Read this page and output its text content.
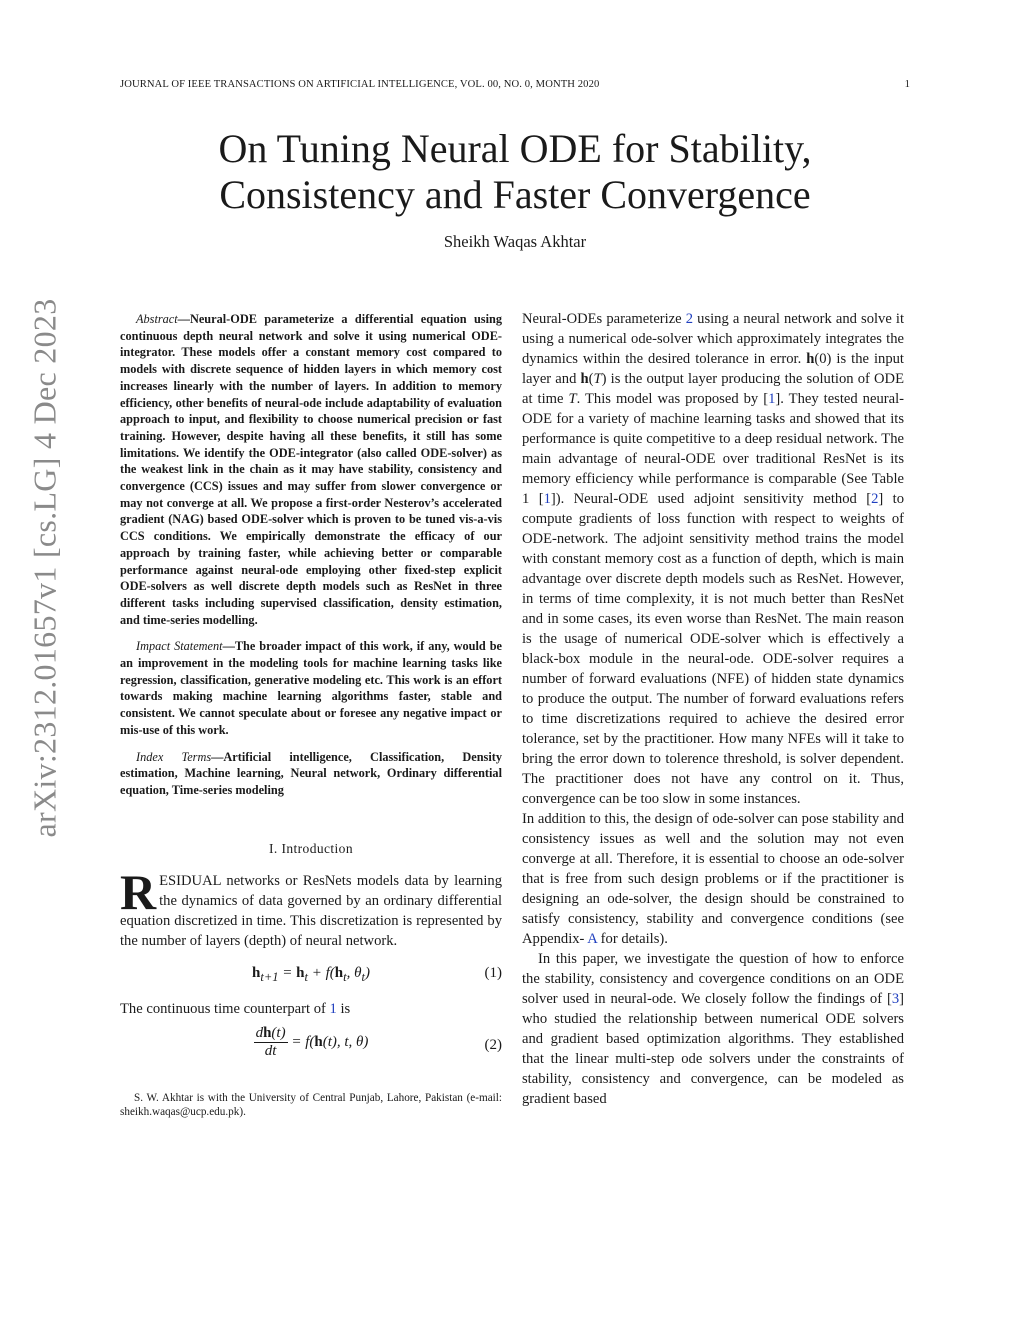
JOURNAL OF IEEE TRANSACTIONS ON ARTIFICIAL INTELLIGENCE, VOL. 00, NO. 0, MONTH 2020	1
arXiv:2312.01657v1 [cs.LG] 4 Dec 2023
On Tuning Neural ODE for Stability,
Consistency and Faster Convergence
Sheikh Waqas Akhtar

Abstract—Neural-ODE parameterize a differential equation using continuous depth neural network and solve it using numerical ODE-integrator. These models offer a constant memory cost compared to models with discrete sequence of hidden layers in which memory cost increases linearly with the number of layers. In addition to memory efficiency, other benefits of neural-ode include adaptability of evaluation approach to input, and flexibility to choose numerical precision or fast training. However, despite having all these benefits, it still has some limitations. We identify the ODE-integrator (also called ODE-solver) as the weakest link in the chain as it may have stability, consistency and convergence (CCS) issues and may suffer from slower convergence or may not converge at all. We propose a first-order Nesterov’s accelerated gradient (NAG) based ODE-solver which is proven to be tuned vis-a-vis CCS conditions. We empirically demonstrate the efficacy of our approach by training faster, while achieving better or comparable performance against neural-ode employing other fixed-step explicit ODE-solvers as well discrete depth models such as ResNet in three different tasks including supervised classification, density estimation, and time-series modelling.

Impact Statement—The broader impact of this work, if any, would be an improvement in the modeling tools for machine learning tasks like regression, classification, generative modeling etc. This work is an effort towards making machine learning algorithms faster, stable and consistent. We cannot speculate about or foresee any negative impact or mis-use of this work.

Index Terms—Artificial intelligence, Classification, Density estimation, Machine learning, Neural network, Ordinary differential equation, Time-series modeling

I. Introduction

RESIDUAL networks or ResNets models data by learning the dynamics of data governed by an ordinary differential equation discretized in time. This discretization is represented by the number of layers (depth) of neural network.

$h_{t+1} = h_t + f(h_t$, $\theta_t$)	(1)

The continuous time counterpart of 1 is

$\frac{dh(t)}{dt} = f(h(t)$, t, θ)	(2)

S. W. Akhtar is with the University of Central Punjab, Lahore, Pakistan (e-mail: sheikh.waqas@ucp.edu.pk).

Neural-ODEs parameterize 2 using a neural network and solve it using a numerical ode-solver which approximately integrates the dynamics within the desired tolerance in error. h(0) is the input layer and h(T) is the output layer producing the solution of ODE at time T. This model was proposed by [1]. They tested neural-ODE for a variety of machine learning tasks and showed that its performance is quite competitive to a deep residual network. The main advantage of neural-ODE over traditional ResNet is its memory efficiency while performance is comparable (See Table 1 [1]). Neural-ODE used adjoint sensitivity method [2] to compute gradients of loss function with respect to weights of ODE-network. The adjoint sensitivity method trains the model with constant memory cost as a function of depth, which is main advantage over discrete depth models such as ResNet. However, in terms of time complexity, it is not much better than ResNet and in some cases, its even worse than ResNet. The main reason is the usage of numerical ODE-solver which is effectively a black-box module in the neural-ode. ODE-solver requires a number of forward evaluations (NFE) of hidden state dynamics to produce the output. The number of forward evaluations refers to time discretizations required to achieve the desired error tolerance, set by the practitioner. How many NFEs will it take to bring the error down to tolerence threshold, is solver dependent. The practitioner does not have any control on it. Thus, convergence can be too slow in some instances.

In addition to this, the design of ode-solver can pose stability and consistency issues as well and the solution may not even converge at all. Therefore, it is essential to choose an ode-solver that is free from such design problems or if the practitioner is designing an ode-solver, the design should be constrained to satisfy consistency, stability and convergence conditions (see Appendix- A for details).

In this paper, we investigate the question of how to enforce the stability, consistency and covergence conditions on an ODE solver used in neural-ode. We closely follow the findings of [3] who studied the relationship between numerical ODE solvers and gradient based optimization algorithms. They established that the linear multi-step ode solvers under the constraints of stability, consistency and convergence, can be modeled as gradient based
